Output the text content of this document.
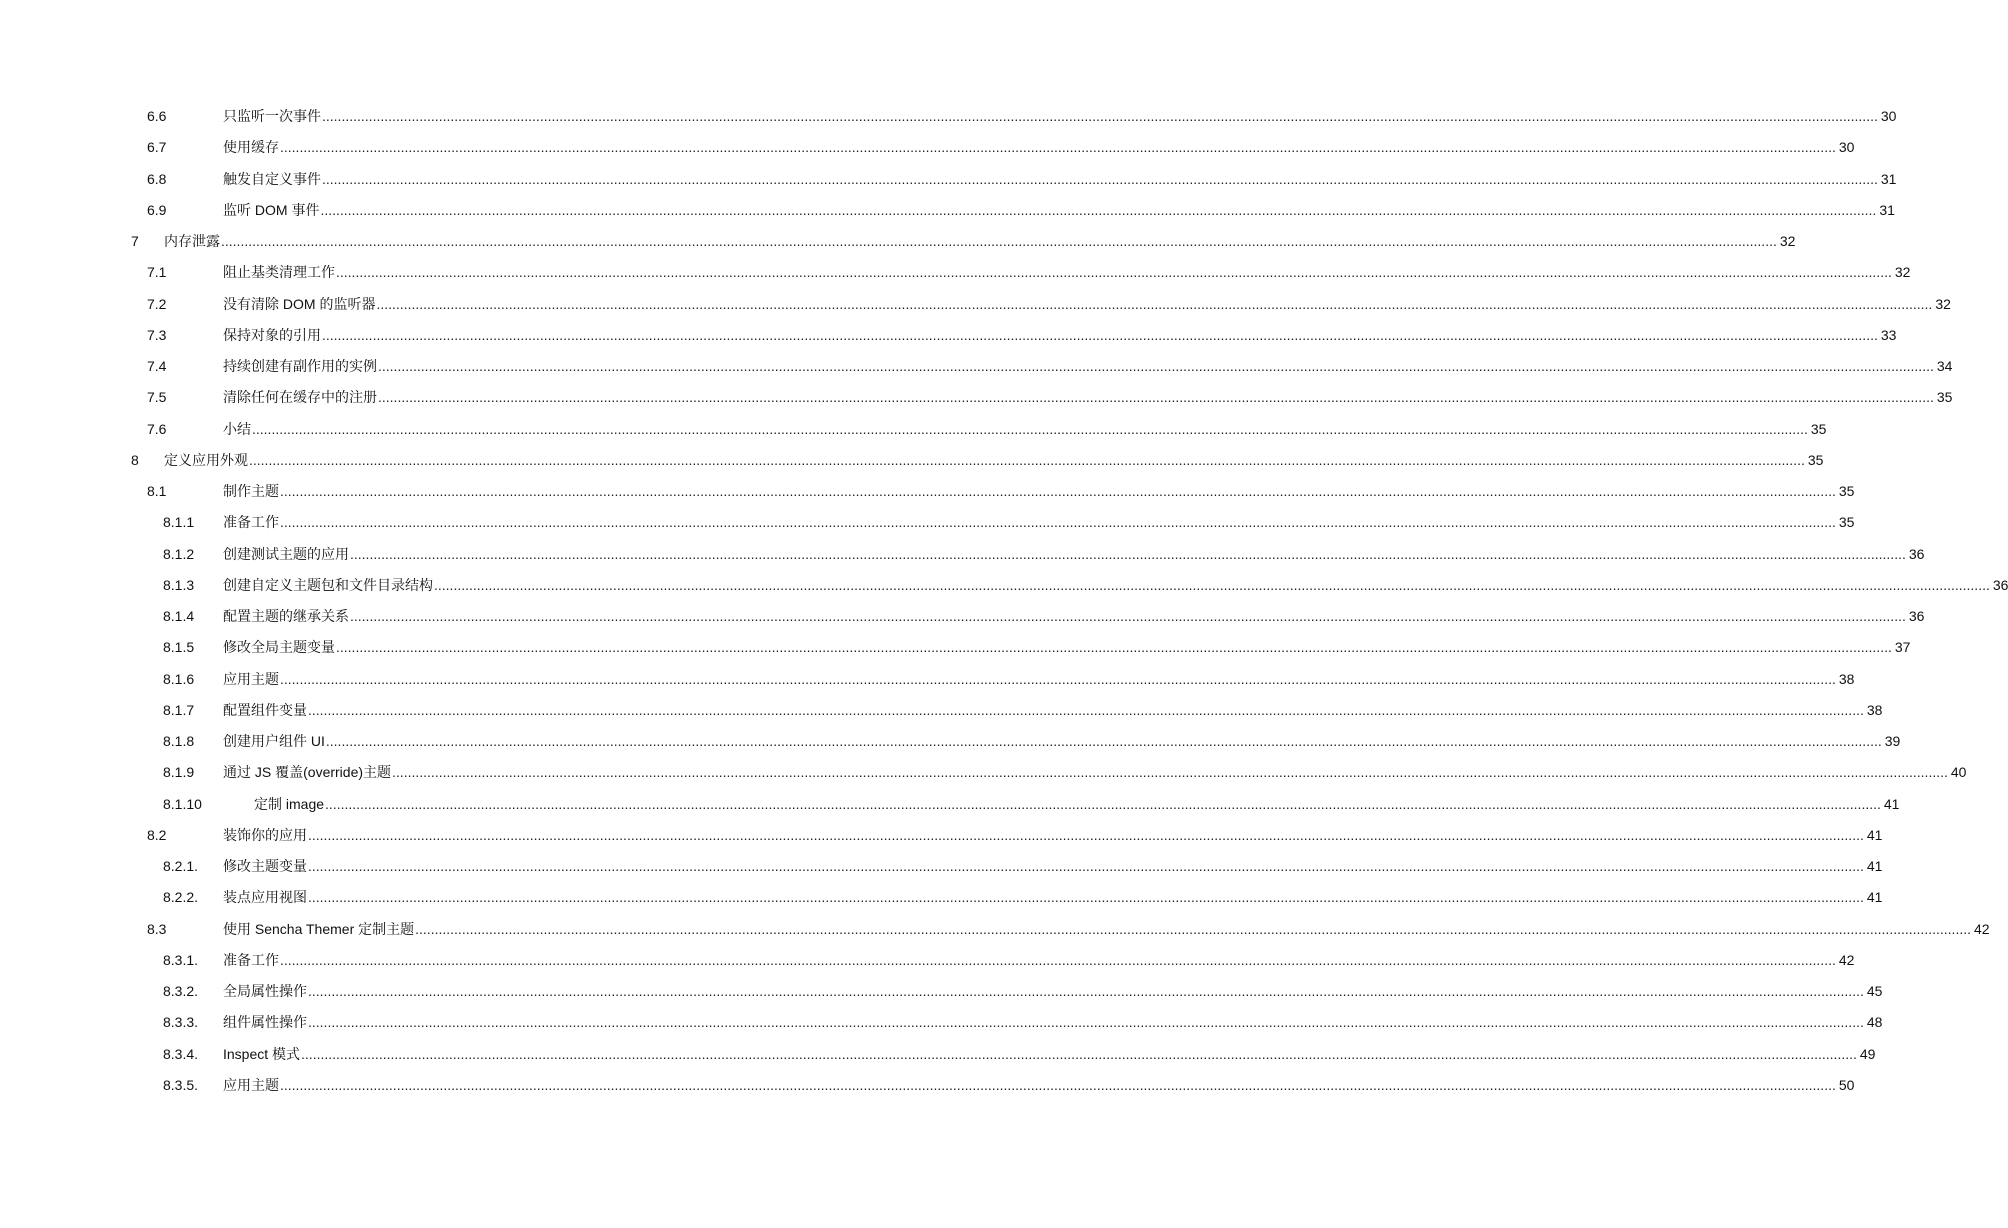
6.6	只监听一次事件 ................................................................................................................................................................................................................................................................................................................................................................................................................ 30
6.7	使用缓存 ................................................................................................................................................................................................................................................................................................................................................................................................................ 30
6.8	触发自定义事件 ................................................................................................................................................................................................................................................................................................................................................................................................................ 31
6.9	监听 DOM 事件 ................................................................................................................................................................................................................................................................................................................................................................................................................ 31
7 内存泄露 ................................................................................................................................................................................................................................................................................................................................................................................................................ 32
7.1	阻止基类清理工作 ................................................................................................................................................................................................................................................................................................................................................................................................................ 32
7.2	没有清除 DOM 的监听器 ................................................................................................................................................................................................................................................................................................................................................................................................................ 32
7.3	保持对象的引用 ................................................................................................................................................................................................................................................................................................................................................................................................................ 33
7.4	持续创建有副作用的实例 ................................................................................................................................................................................................................................................................................................................................................................................................................ 34
7.5	清除任何在缓存中的注册 ................................................................................................................................................................................................................................................................................................................................................................................................................ 35
7.6	小结 ................................................................................................................................................................................................................................................................................................................................................................................................................ 35
8 定义应用外观 ................................................................................................................................................................................................................................................................................................................................................................................................................ 35
8.1	制作主题 ................................................................................................................................................................................................................................................................................................................................................................................................................ 35
8.1.1 准备工作 ................................................................................................................................................................................................................................................................................................................................................................................................................ 35
8.1.2 创建测试主题的应用 ................................................................................................................................................................................................................................................................................................................................................................................................................ 36
8.1.3 创建自定义主题包和文件目录结构 ................................................................................................................................................................................................................................................................................................................................................................................................................ 36
8.1.4 配置主题的继承关系 ................................................................................................................................................................................................................................................................................................................................................................................................................ 36
8.1.5 修改全局主题变量 ................................................................................................................................................................................................................................................................................................................................................................................................................ 37
8.1.6 应用主题 ................................................................................................................................................................................................................................................................................................................................................................................................................ 38
8.1.7 配置组件变量 ................................................................................................................................................................................................................................................................................................................................................................................................................ 38
8.1.8 创建用户组件 UI ................................................................................................................................................................................................................................................................................................................................................................................................................ 39
8.1.9 通过 JS 覆盖(override)主题 ................................................................................................................................................................................................................................................................................................................................................................................................................ 40
8.1.10	定制 image ................................................................................................................................................................................................................................................................................................................................................................................................................ 41
8.2	装饰你的应用 ................................................................................................................................................................................................................................................................................................................................................................................................................ 41
8.2.1. 修改主题变量 ................................................................................................................................................................................................................................................................................................................................................................................................................ 41
8.2.2. 装点应用视图 ................................................................................................................................................................................................................................................................................................................................................................................................................ 41
8.3	使用 Sencha Themer 定制主题 ................................................................................................................................................................................................................................................................................................................................................................................................................ 42
8.3.1. 准备工作 ................................................................................................................................................................................................................................................................................................................................................................................................................ 42
8.3.2. 全局属性操作 ................................................................................................................................................................................................................................................................................................................................................................................................................ 45
8.3.3. 组件属性操作 ................................................................................................................................................................................................................................................................................................................................................................................................................ 48
8.3.4. Inspect 模式 ................................................................................................................................................................................................................................................................................................................................................................................................................ 49
8.3.5. 应用主题 ................................................................................................................................................................................................................................................................................................................................................................................................................ 50
